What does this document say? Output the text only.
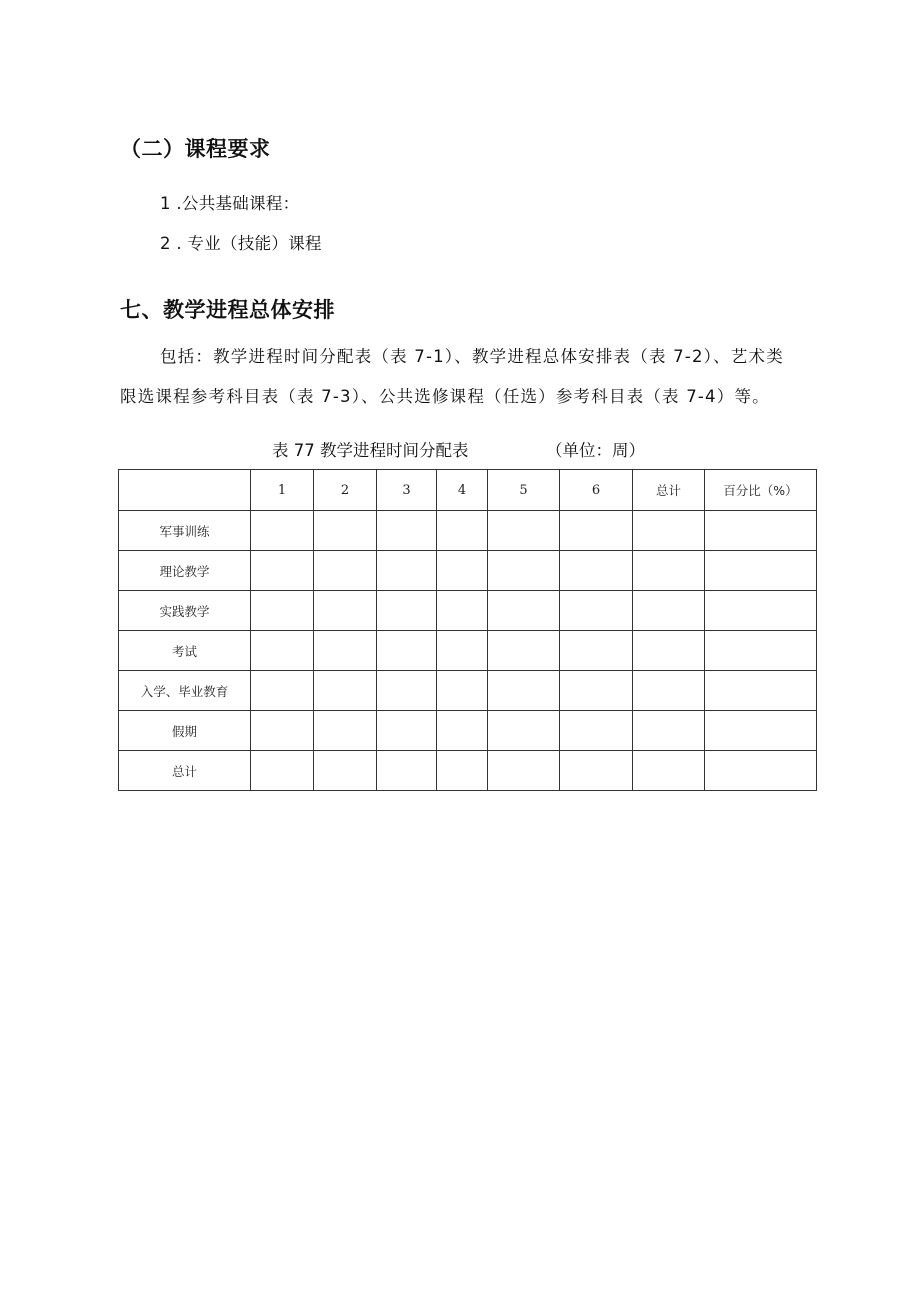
（二）课程要求
1 .公共基础课程：
2 . 专业（技能）课程
七、教学进程总体安排
包括：教学进程时间分配表（表 7-1）、教学进程总体安排表（表 7-2）、艺术类
限选课程参考科目表（表 7-3）、公共选修课程（任选）参考科目表（表 7-4）等。
表 77 教学进程时间分配表	（单位：周）
	1	2	3	4	5	6	总计	百分比（%）
军事训练								
理论教学								
实践教学								
考试								
入学、毕业教育								
假期								
总计								
